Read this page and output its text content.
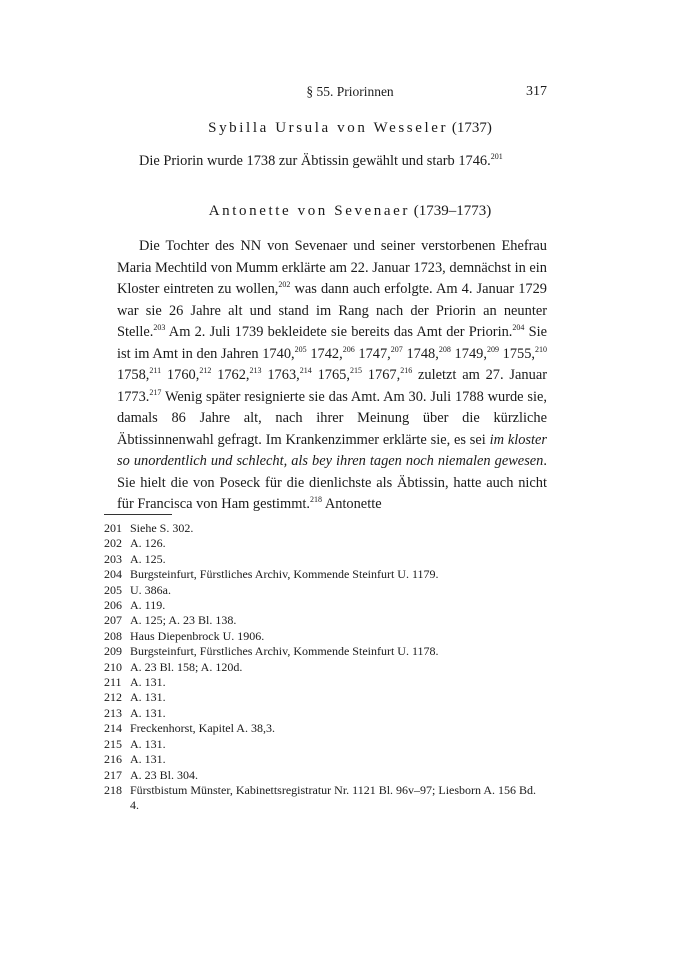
§ 55. Priorinnen	317
Sybilla Ursula von Wesseler (1737)

Die Priorin wurde 1738 zur Äbtissin gewählt und starb 1746.$^{201}$

Antonette von Sevenaer (1739–1773)

Die Tochter des NN von Sevenaer und seiner verstorbenen Ehefrau Maria Mechtild von Mumm erklärte am 22. Januar 1723, demnächst in ein Kloster eintreten zu wollen,$^{202}$ was dann auch erfolgte. Am 4. Januar 1729 war sie 26 Jahre alt und stand im Rang nach der Priorin an neunter Stelle.$^{203}$ Am 2. Juli 1739 bekleidete sie bereits das Amt der Priorin.$^{204}$ Sie ist im Amt in den Jahren 1740,$^{205}$ 1742,$^{206}$ 1747,$^{207}$ 1748,$^{208}$ 1749,$^{209}$ 1755,$^{210}$ 1758,$^{211}$ 1760,$^{212}$ 1762,$^{213}$ 1763,$^{214}$ 1765,$^{215}$ 1767,$^{216}$ zuletzt am 27. Januar 1773.$^{217}$ Wenig später resignierte sie das Amt. Am 30. Juli 1788 wurde sie, damals 86 Jahre alt, nach ihrer Meinung über die kürzliche Äbtissinnenwahl gefragt. Im Krankenzimmer erklärte sie, es sei im kloster so unordentlich und schlecht, als bey ihren tagen noch niemalen gewesen. Sie hielt die von Poseck für die dienlichste als Äbtissin, hatte auch nicht für Francisca von Ham gestimmt.$^{218}$ Antonette

201 Siehe S. 302.
202 A. 126.
203 A. 125.
204 Burgsteinfurt, Fürstliches Archiv, Kommende Steinfurt U. 1179.
205 U. 386a.
206 A. 119.
207 A. 125; A. 23 Bl. 138.
208 Haus Diepenbrock U. 1906.
209 Burgsteinfurt, Fürstliches Archiv, Kommende Steinfurt U. 1178.
210 A. 23 Bl. 158; A. 120d.
211 A. 131.
212 A. 131.
213 A. 131.
214 Freckenhorst, Kapitel A. 38,3.
215 A. 131.
216 A. 131.
217 A. 23 Bl. 304.
218 Fürstbistum Münster, Kabinettsregistratur Nr. 1121 Bl. 96v–97; Liesborn A. 156 Bd. 4.
